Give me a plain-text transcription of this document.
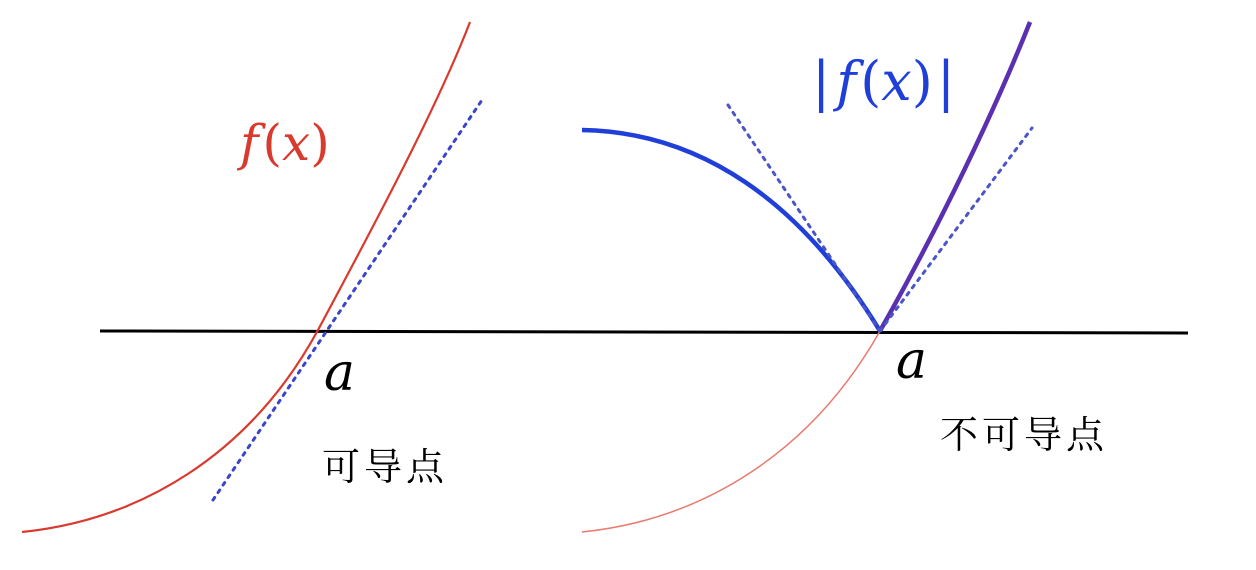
f(x)
a
可导点
| f(x)|
a
不可导点
